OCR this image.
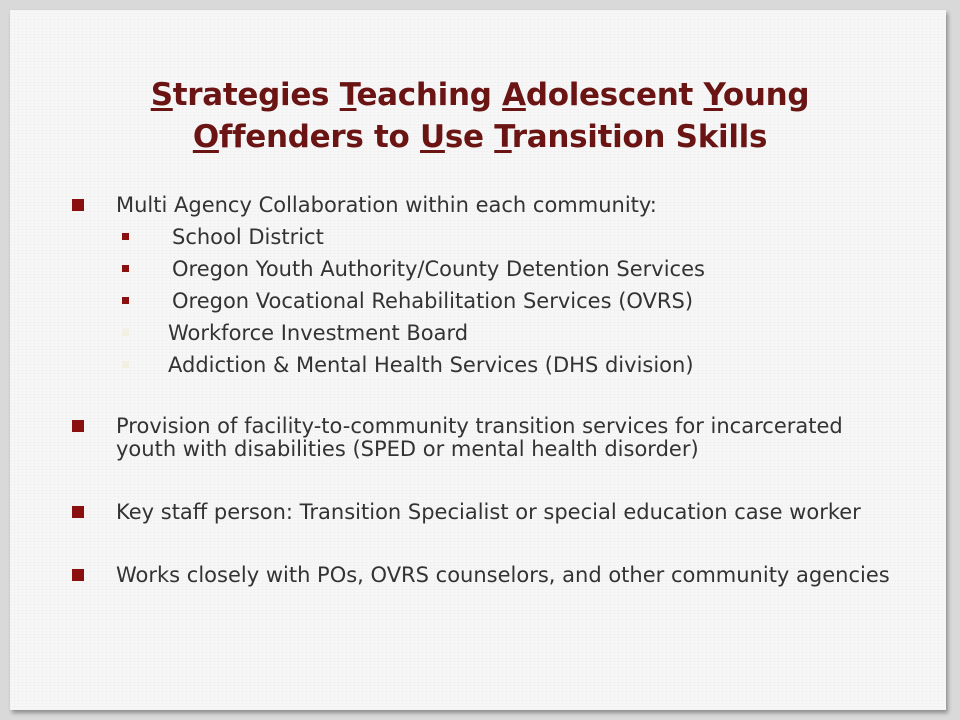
Strategies Teaching Adolescent Young
Offenders to Use Transition Skills
Multi Agency Collaboration within each community:
School District
Oregon Youth Authority/County Detention Services
Oregon Vocational Rehabilitation Services (OVRS)
Workforce Investment Board
Addiction & Mental Health Services (DHS division)
Provision of facility-to-community transition services for incarcerated youth with disabilities (SPED or mental health disorder)
Key staff person: Transition Specialist or special education case worker
Works closely with POs, OVRS counselors, and other community agencies
